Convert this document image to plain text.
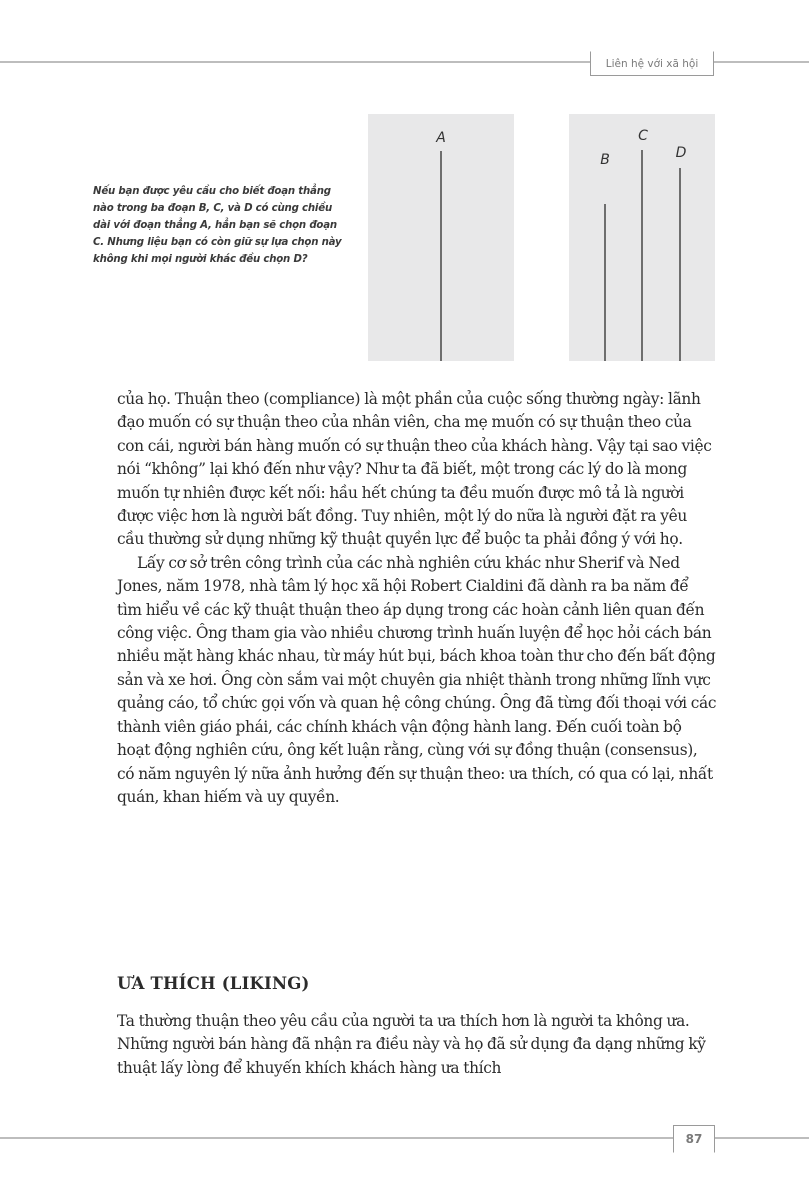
Liên hệ với xã hội
Nếu bạn được yêu cầu cho biết đoạn thẳng nào trong ba đoạn B, C, và D có cùng chiều dài với đoạn thẳng A, hẳn bạn sẽ chọn đoạn C. Nhưng liệu bạn có còn giữ sự lựa chọn này không khi mọi người khác đều chọn D?
A
B
C
D

của họ. Thuận theo (compliance) là một phần của cuộc sống thường ngày: lãnh đạo muốn có sự thuận theo của nhân viên, cha mẹ muốn có sự thuận theo của con cái, người bán hàng muốn có sự thuận theo của khách hàng. Vậy tại sao việc nói “không” lại khó đến như vậy? Như ta đã biết, một trong các lý do là mong muốn tự nhiên được kết nối: hầu hết chúng ta đều muốn được mô tả là người được việc hơn là người bất đồng. Tuy nhiên, một lý do nữa là người đặt ra yêu cầu thường sử dụng những kỹ thuật quyền lực để buộc ta phải đồng ý với họ.

Lấy cơ sở trên công trình của các nhà nghiên cứu khác như Sherif và Ned Jones, năm 1978, nhà tâm lý học xã hội Robert Cialdini đã dành ra ba năm để tìm hiểu về các kỹ thuật thuận theo áp dụng trong các hoàn cảnh liên quan đến công việc. Ông tham gia vào nhiều chương trình huấn luyện để học hỏi cách bán nhiều mặt hàng khác nhau, từ máy hút bụi, bách khoa toàn thư cho đến bất động sản và xe hơi. Ông còn sắm vai một chuyên gia nhiệt thành trong những lĩnh vực quảng cáo, tổ chức gọi vốn và quan hệ công chúng. Ông đã từng đối thoại với các thành viên giáo phái, các chính khách vận động hành lang. Đến cuối toàn bộ hoạt động nghiên cứu, ông kết luận rằng, cùng với sự đồng thuận (consensus), có năm nguyên lý nữa ảnh hưởng đến sự thuận theo: ưa thích, có qua có lại, nhất quán, khan hiếm và uy quyền.

ƯA THÍCH (LIKING)

Ta thường thuận theo yêu cầu của người ta ưa thích hơn là người ta không ưa. Những người bán hàng đã nhận ra điều này và họ đã sử dụng đa dạng những kỹ thuật lấy lòng để khuyến khích khách hàng ưa thích

87
